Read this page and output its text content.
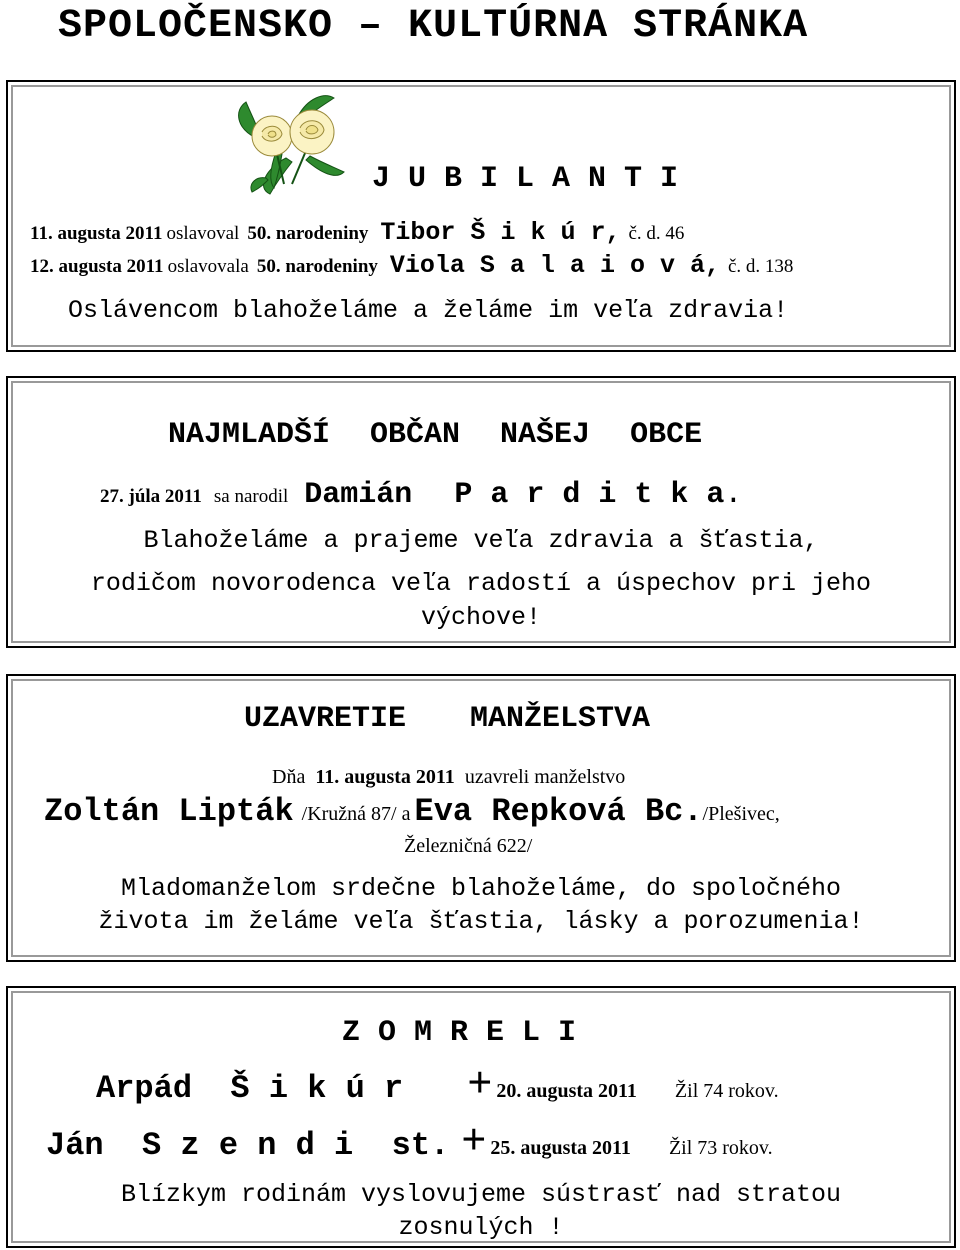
SPOLOČENSKO – KULTÚRNA STRÁNKA
J U B I L A N T I
11. augusta 2011 oslavoval 50. narodeniny Tibor Š i k ú r, č. d. 46
12. augusta 2011 oslavovala 50. narodeniny Viola S a l a i o v á, č. d. 138
Oslávencom blahoželáme a želáme im veľa zdravia!
NAJMLADŠÍ OBČAN NAŠEJ OBCE
27. júla 2011 sa narodil Damián P a r d i t k a.
Blahoželáme a prajeme veľa zdravia a šťastia,
rodičom novorodenca veľa radostí a úspechov pri jeho
výchove!
UZAVRETIE MANŽELSTVA
Dňa 11. augusta 2011 uzavreli manželstvo
Zoltán Lipták /Kružná 87/ a Eva Repková Bc./Plešivec,
Železničná 622/
Mladomanželom srdečne blahoželáme, do spoločného
života im želáme veľa šťastia, lásky a porozumenia!
Z O M R E L I
Arpád  Š i k ú r + 20. augusta 2011 Žil 74 rokov.
Ján  S z e n d i  st. + 25. augusta 2011 Žil 73 rokov.
Blízkym rodinám vyslovujeme sústrasť nad stratou
zosnulých !
